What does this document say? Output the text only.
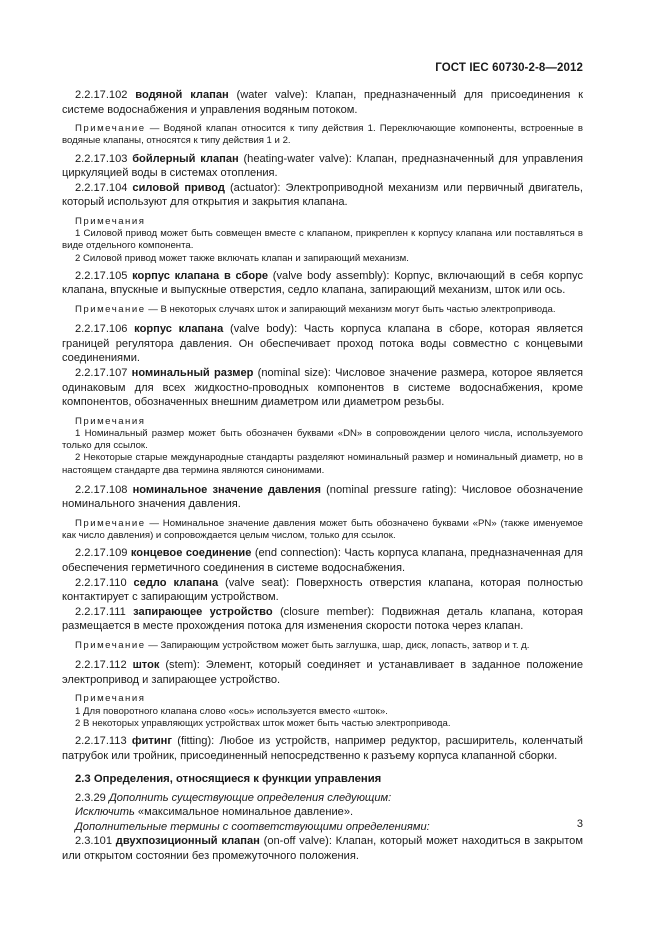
ГОСТ IEC 60730-2-8—2012

2.2.17.102 водяной клапан (water valve): Клапан, предназначенный для присоединения к системе водоснабжения и управления водяным потоком.

Примечание — Водяной клапан относится к типу действия 1. Переключающие компоненты, встроенные в водяные клапаны, относятся к типу действия 1 и 2.

2.2.17.103 бойлерный клапан (heating-water valve): Клапан, предназначенный для управления циркуляцией воды в системах отопления.

2.2.17.104 силовой привод (actuator): Электроприводной механизм или первичный двигатель, который используют для открытия и закрытия клапана.

Примечания

1 Силовой привод может быть совмещен вместе с клапаном, прикреплен к корпусу клапана или поставляться в виде отдельного компонента.

2 Силовой привод может также включать клапан и запирающий механизм.

2.2.17.105 корпус клапана в сборе (valve body assembly): Корпус, включающий в себя корпус клапана, впускные и выпускные отверстия, седло клапана, запирающий механизм, шток или ось.

Примечание — В некоторых случаях шток и запирающий механизм могут быть частью электропривода.

2.2.17.106 корпус клапана (valve body): Часть корпуса клапана в сборе, которая является границей регулятора давления. Он обеспечивает проход потока воды совместно с концевыми соединениями.

2.2.17.107 номинальный размер (nominal size): Числовое значение размера, которое является одинаковым для всех жидкостно-проводных компонентов в системе водоснабжения, кроме компонентов, обозначенных внешним диаметром или диаметром резьбы.

Примечания

1 Номинальный размер может быть обозначен буквами «DN» в сопровождении целого числа, используемого только для ссылок.

2 Некоторые старые международные стандарты разделяют номинальный размер и номинальный диаметр, но в настоящем стандарте два термина являются синонимами.

2.2.17.108 номинальное значение давления (nominal pressure rating): Числовое обозначение номинального значения давления.

Примечание — Номинальное значение давления может быть обозначено буквами «PN» (также именуемое как число давления) и сопровождается целым числом, только для ссылок.

2.2.17.109 концевое соединение (end connection): Часть корпуса клапана, предназначенная для обеспечения герметичного соединения в системе водоснабжения.

2.2.17.110 седло клапана (valve seat): Поверхность отверстия клапана, которая полностью контактирует с запирающим устройством.

2.2.17.111 запирающее устройство (closure member): Подвижная деталь клапана, которая размещается в месте прохождения потока для изменения скорости потока через клапан.

Примечание — Запирающим устройством может быть заглушка, шар, диск, лопасть, затвор и т. д.

2.2.17.112 шток (stem): Элемент, который соединяет и устанавливает в заданное положение электропривод и запирающее устройство.

Примечания

1 Для поворотного клапана слово «ось» используется вместо «шток».

2 В некоторых управляющих устройствах шток может быть частью электропривода.

2.2.17.113 фитинг (fitting): Любое из устройств, например редуктор, расширитель, коленчатый патрубок или тройник, присоединенный непосредственно к разъему корпуса клапанной сборки.

2.3 Определения, относящиеся к функции управления

2.3.29 Дополнить существующие определения следующим:

Исключить «максимальное номинальное давление».

Дополнительные термины с соответствующими определениями:

2.3.101 двухпозиционный клапан (on-off valve): Клапан, который может находиться в закрытом или открытом состоянии без промежуточного положения.

3
